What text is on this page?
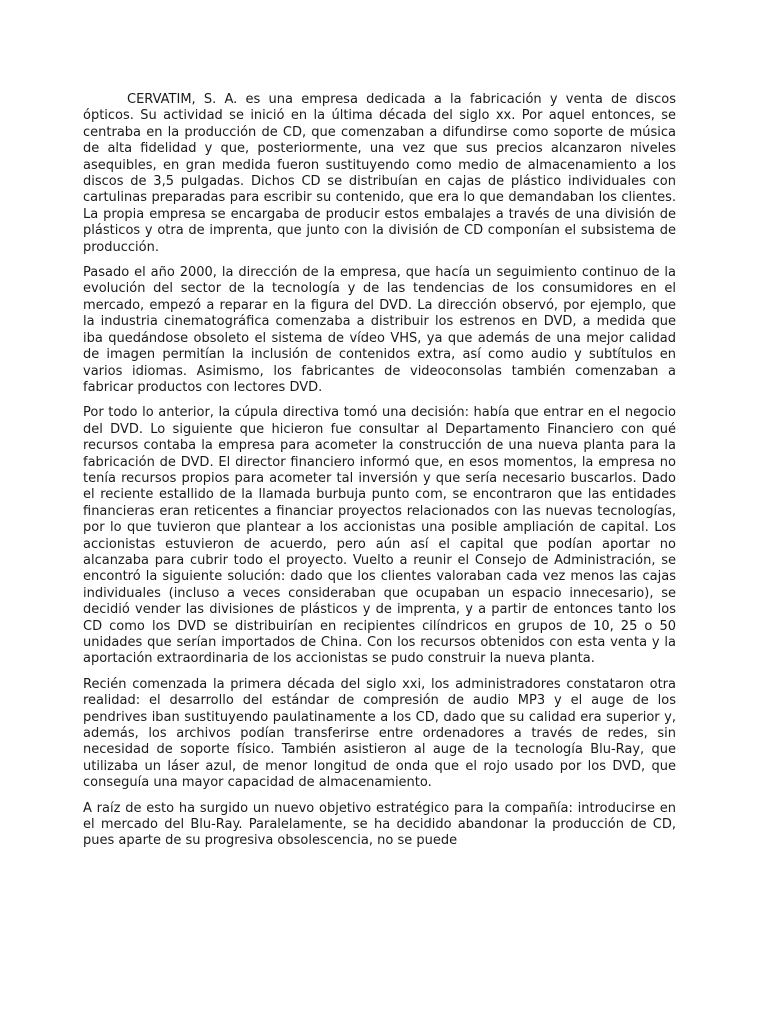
CERVATIM, S. A. es una empresa dedicada a la fabricación y venta de discos ópticos. Su actividad se inició en la última década del siglo xx. Por aquel entonces, se centraba en la producción de CD, que comenzaban a difundirse como soporte de música de alta fidelidad y que, posteriormente, una vez que sus precios alcanzaron niveles asequibles, en gran medida fueron sustituyendo como medio de almacenamiento a los discos de 3,5 pulgadas. Dichos CD se distribuían en cajas de plástico individuales con cartulinas preparadas para escribir su contenido, que era lo que demandaban los clientes. La propia empresa se encargaba de producir estos embalajes a través de una división de plásticos y otra de imprenta, que junto con la división de CD componían el subsistema de producción.

Pasado el año 2000, la dirección de la empresa, que hacía un seguimiento continuo de la evolución del sector de la tecnología y de las tendencias de los consumidores en el mercado, empezó a reparar en la figura del DVD. La dirección observó, por ejemplo, que la industria cinematográfica comenzaba a distribuir los estrenos en DVD, a medida que iba quedándose obsoleto el sistema de vídeo VHS, ya que además de una mejor calidad de imagen permitían la inclusión de contenidos extra, así como audio y subtítulos en varios idiomas. Asimismo, los fabricantes de videoconsolas también comenzaban a fabricar productos con lectores DVD.

Por todo lo anterior, la cúpula directiva tomó una decisión: había que entrar en el negocio del DVD. Lo siguiente que hicieron fue consultar al Departamento Financiero con qué recursos contaba la empresa para acometer la construcción de una nueva planta para la fabricación de DVD. El director financiero informó que, en esos momentos, la empresa no tenía recursos propios para acometer tal inversión y que sería necesario buscarlos. Dado el reciente estallido de la llamada burbuja punto com, se encontraron que las entidades financieras eran reticentes a financiar proyectos relacionados con las nuevas tecnologías, por lo que tuvieron que plantear a los accionistas una posible ampliación de capital. Los accionistas estuvieron de acuerdo, pero aún así el capital que podían aportar no alcanzaba para cubrir todo el proyecto. Vuelto a reunir el Consejo de Administración, se encontró la siguiente solución: dado que los clientes valoraban cada vez menos las cajas individuales (incluso a veces consideraban que ocupaban un espacio innecesario), se decidió vender las divisiones de plásticos y de imprenta, y a partir de entonces tanto los CD como los DVD se distribuirían en recipientes cilíndricos en grupos de 10, 25 o 50 unidades que serían importados de China. Con los recursos obtenidos con esta venta y la aportación extraordinaria de los accionistas se pudo construir la nueva planta.

Recién comenzada la primera década del siglo xxi, los administradores constataron otra realidad: el desarrollo del estándar de compresión de audio MP3 y el auge de los pendrives iban sustituyendo paulatinamente a los CD, dado que su calidad era superior y, además, los archivos podían transferirse entre ordenadores a través de redes, sin necesidad de soporte físico. También asistieron al auge de la tecnología Blu-Ray, que utilizaba un láser azul, de menor longitud de onda que el rojo usado por los DVD, que conseguía una mayor capacidad de almacenamiento.

A raíz de esto ha surgido un nuevo objetivo estratégico para la compañía: introducirse en el mercado del Blu-Ray. Paralelamente, se ha decidido abandonar la producción de CD, pues aparte de su progresiva obsolescencia, no se puede
